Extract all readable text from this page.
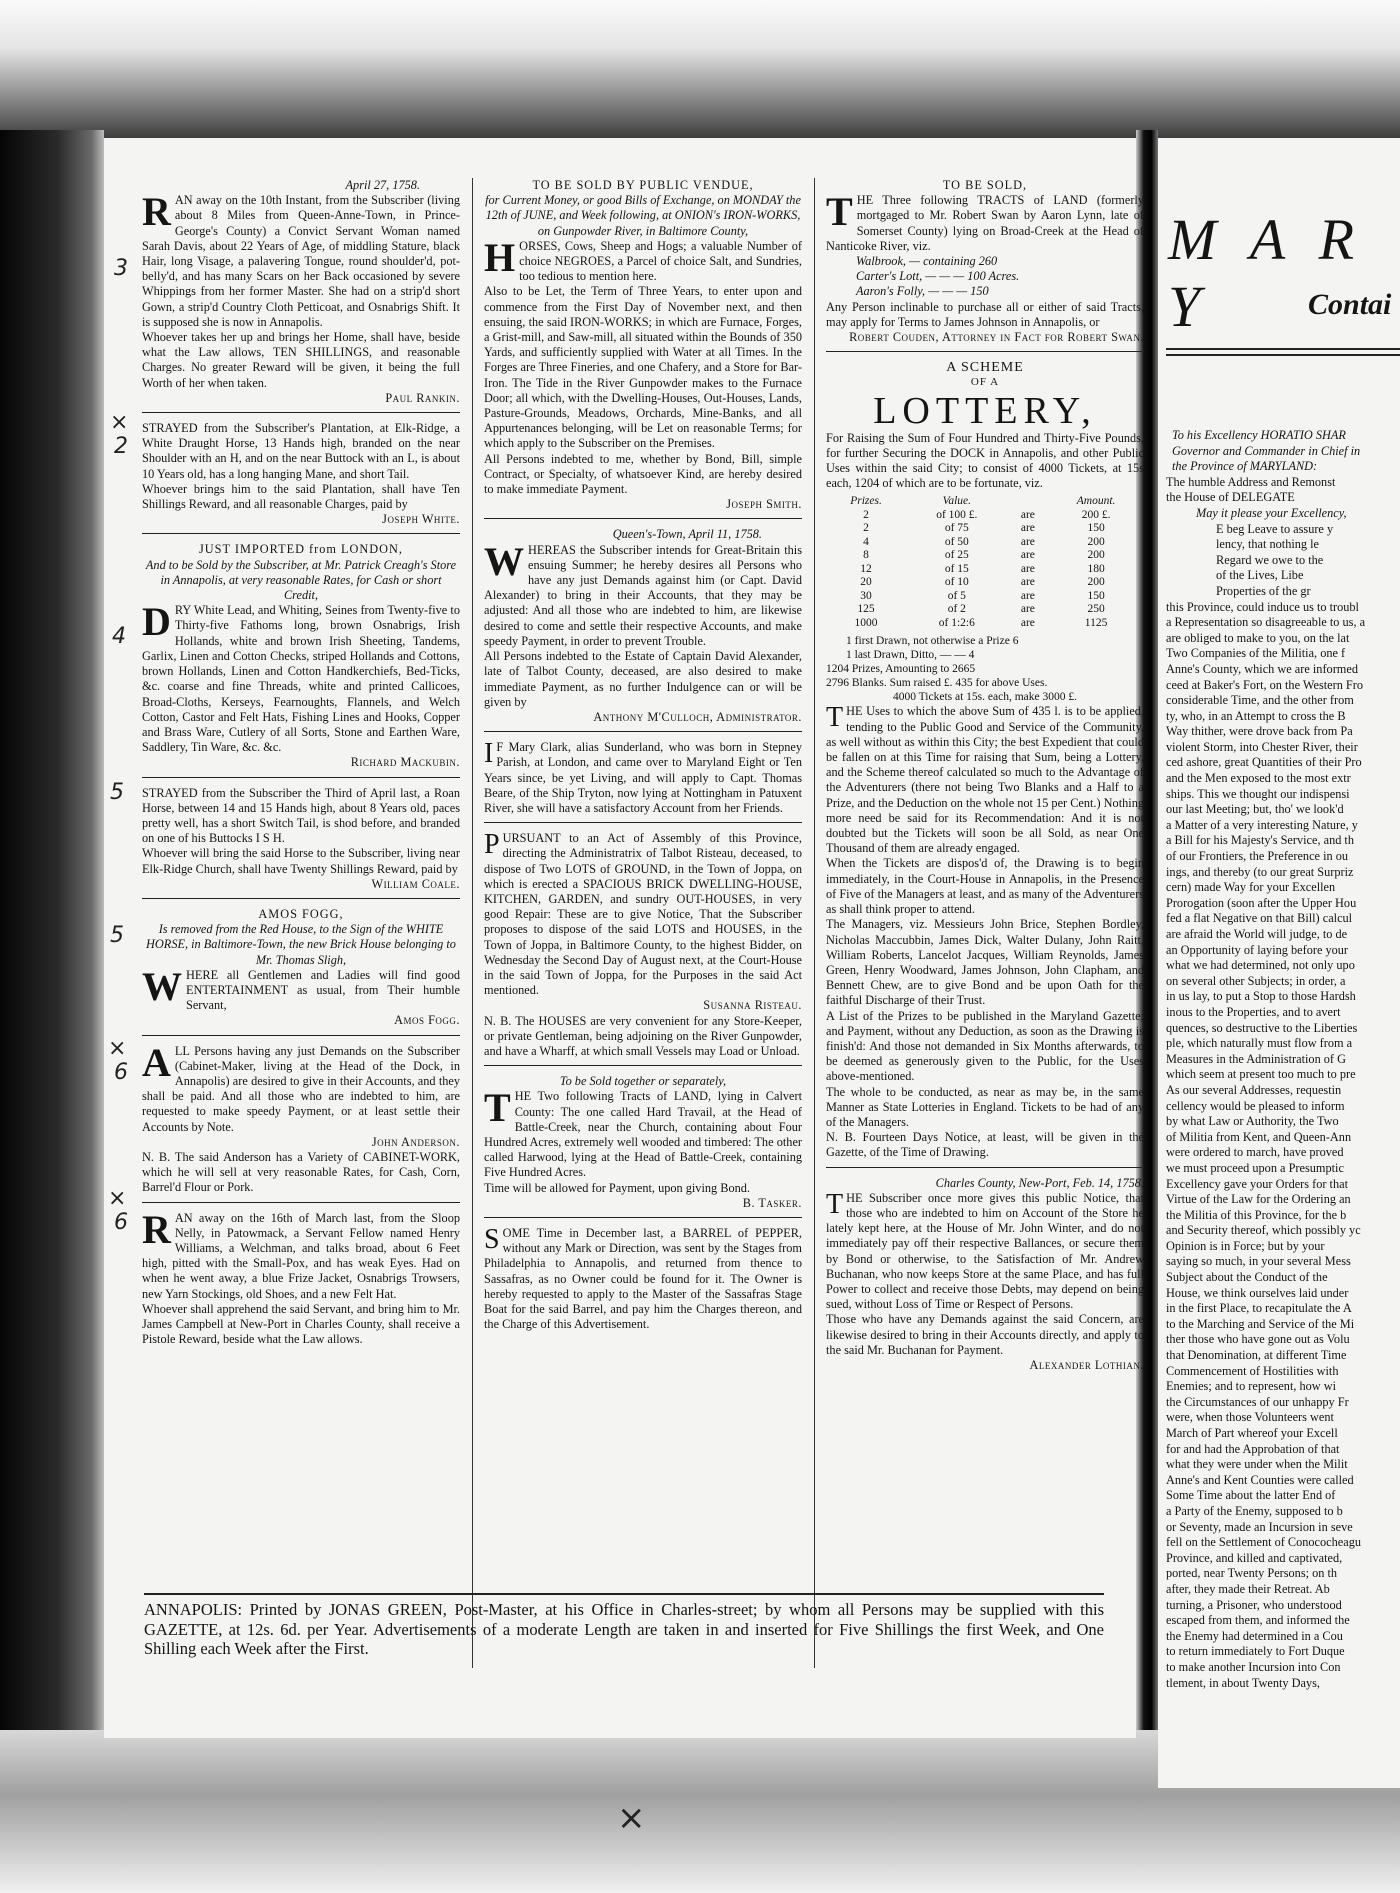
April 27, 1758.

RAN away on the 10th Instant, from the Subscriber (living about 8 Miles from Queen-Anne-Town, in Prince-George's County) a Convict Servant Woman named Sarah Davis, about 22 Years of Age, of middling Stature, black Hair, long Visage, a palavering Tongue, round shoulder'd, pot-belly'd, and has many Scars on her Back occasioned by severe Whippings from her former Master. She had on a strip'd short Gown, a strip'd Country Cloth Petticoat, and Osnabrigs Shift. It is supposed she is now in Annapolis.

Whoever takes her up and brings her Home, shall have, beside what the Law allows, TEN SHILLINGS, and reasonable Charges. No greater Reward will be given, it being the full Worth of her when taken.

Paul Rankin.

STRAYED from the Subscriber's Plantation, at Elk-Ridge, a White Draught Horse, 13 Hands high, branded on the near Shoulder with an H, and on the near Buttock with an L, is about 10 Years old, has a long hanging Mane, and short Tail.

Whoever brings him to the said Plantation, shall have Ten Shillings Reward, and all reasonable Charges, paid by

Joseph White.

JUST IMPORTED from LONDON,

And to be Sold by the Subscriber, at Mr. Patrick Creagh's Store in Annapolis, at very reasonable Rates, for Cash or short Credit,

DRY White Lead, and Whiting, Seines from Twenty-five to Thirty-five Fathoms long, brown Osnabrigs, Irish Hollands, white and brown Irish Sheeting, Tandems, Garlix, Linen and Cotton Checks, striped Hollands and Cottons, brown Hollands, Linen and Cotton Handkerchiefs, Bed-Ticks, &c. coarse and fine Threads, white and printed Callicoes, Broad-Cloths, Kerseys, Fearnoughts, Flannels, and Welch Cotton, Castor and Felt Hats, Fishing Lines and Hooks, Copper and Brass Ware, Cutlery of all Sorts, Stone and Earthen Ware, Saddlery, Tin Ware, &c. &c.

Richard Mackubin.

STRAYED from the Subscriber the Third of April last, a Roan Horse, between 14 and 15 Hands high, about 8 Years old, paces pretty well, has a short Switch Tail, is shod before, and branded on one of his Buttocks I S H.

Whoever will bring the said Horse to the Subscriber, living near Elk-Ridge Church, shall have Twenty Shillings Reward, paid by

William Coale.

AMOS FOGG,

Is removed from the Red House, to the Sign of the WHITE HORSE, in Baltimore-Town, the new Brick House belonging to Mr. Thomas Sligh,

WHERE all Gentlemen and Ladies will find good ENTERTAINMENT as usual, from Their humble Servant,

Amos Fogg.

ALL Persons having any just Demands on the Subscriber (Cabinet-Maker, living at the Head of the Dock, in Annapolis) are desired to give in their Accounts, and they shall be paid. And all those who are indebted to him, are requested to make speedy Payment, or at least settle their Accounts by Note.

John Anderson.

N. B. The said Anderson has a Variety of CABINET-WORK, which he will sell at very reasonable Rates, for Cash, Corn, Barrel'd Flour or Pork.

RAN away on the 16th of March last, from the Sloop Nelly, in Patowmack, a Servant Fellow named Henry Williams, a Welchman, and talks broad, about 6 Feet high, pitted with the Small-Pox, and has weak Eyes. Had on when he went away, a blue Frize Jacket, Osnabrigs Trowsers, new Yarn Stockings, old Shoes, and a new Felt Hat.

Whoever shall apprehend the said Servant, and bring him to Mr. James Campbell at New-Port in Charles County, shall receive a Pistole Reward, beside what the Law allows.

TO BE SOLD BY PUBLIC VENDUE,

for Current Money, or good Bills of Exchange, on MONDAY the 12th of JUNE, and Week following, at ONION's IRON-WORKS, on Gunpowder River, in Baltimore County,

HORSES, Cows, Sheep and Hogs; a valuable Number of choice NEGROES, a Parcel of choice Salt, and Sundries, too tedious to mention here.

Also to be Let, the Term of Three Years, to enter upon and commence from the First Day of November next, and then ensuing, the said IRON-WORKS; in which are Furnace, Forges, a Grist-mill, and Saw-mill, all situated within the Bounds of 350 Yards, and sufficiently supplied with Water at all Times. In the Forges are Three Fineries, and one Chafery, and a Store for Bar-Iron. The Tide in the River Gunpowder makes to the Furnace Door; all which, with the Dwelling-Houses, Out-Houses, Lands, Pasture-Grounds, Meadows, Orchards, Mine-Banks, and all Appurtenances belonging, will be Let on reasonable Terms; for which apply to the Subscriber on the Premises.

All Persons indebted to me, whether by Bond, Bill, simple Contract, or Specialty, of whatsoever Kind, are hereby desired to make immediate Payment.

Joseph Smith.

Queen's-Town, April 11, 1758.

WHEREAS the Subscriber intends for Great-Britain this ensuing Summer; he hereby desires all Persons who have any just Demands against him (or Capt. David Alexander) to bring in their Accounts, that they may be adjusted: And all those who are indebted to him, are likewise desired to come and settle their respective Accounts, and make speedy Payment, in order to prevent Trouble.

All Persons indebted to the Estate of Captain David Alexander, late of Talbot County, deceased, are also desired to make immediate Payment, as no further Indulgence can or will be given by

Anthony M'Culloch, Administrator.

I F Mary Clark, alias Sunderland, who was born in Stepney Parish, at London, and came over to Maryland Eight or Ten Years since, be yet Living, and will apply to Capt. Thomas Beare, of the Ship Tryton, now lying at Nottingham in Patuxent River, she will have a satisfactory Account from her Friends.

PURSUANT to an Act of Assembly of this Province, directing the Administratrix of Talbot Risteau, deceased, to dispose of Two LOTS of GROUND, in the Town of Joppa, on which is erected a SPACIOUS BRICK DWELLING-HOUSE, KITCHEN, GARDEN, and sundry OUT-HOUSES, in very good Repair: These are to give Notice, That the Subscriber proposes to dispose of the said LOTS and HOUSES, in the Town of Joppa, in Baltimore County, to the highest Bidder, on Wednesday the Second Day of August next, at the Court-House in the said Town of Joppa, for the Purposes in the said Act mentioned.

Susanna Risteau.

N. B. The HOUSES are very convenient for any Store-Keeper, or private Gentleman, being adjoining on the River Gunpowder, and have a Wharff, at which small Vessels may Load or Unload.

To be Sold together or separately,

THE Two following Tracts of LAND, lying in Calvert County: The one called Hard Travail, at the Head of Battle-Creek, near the Church, containing about Four Hundred Acres, extremely well wooded and timbered: The other called Harwood, lying at the Head of Battle-Creek, containing Five Hundred Acres.

Time will be allowed for Payment, upon giving Bond.

B. Tasker.

SOME Time in December last, a BARREL of PEPPER, without any Mark or Direction, was sent by the Stages from Philadelphia to Annapolis, and returned from thence to Sassafras, as no Owner could be found for it. The Owner is hereby requested to apply to the Master of the Sassafras Stage Boat for the said Barrel, and pay him the Charges thereon, and the Charge of this Advertisement.

TO BE SOLD,

THE Three following TRACTS of LAND (formerly mortgaged to Mr. Robert Swan by Aaron Lynn, late of Somerset County) lying on Broad-Creek at the Head of Nanticoke River, viz.

Walbrook, — containing 260

Carter's Lott, — — — 100 Acres.

Aaron's Folly, — — — 150

Any Person inclinable to purchase all or either of said Tracts, may apply for Terms to James Johnson in Annapolis, or

Robert Couden, Attorney in Fact for Robert Swan.

A SCHEME

OF A

LOTTERY,

For Raising the Sum of Four Hundred and Thirty-Five Pounds, for further Securing the DOCK in Annapolis, and other Public Uses within the said City; to consist of 4000 Tickets, at 15s each, 1204 of which are to be fortunate, viz.

Prizes.	Value.		Amount.
2	of 100 £.	are	200 £.
2	of 75	are	150
4	of 50	are	200
8	of 25	are	200
12	of 15	are	180
20	of 10	are	200
30	of 5	are	150
125	of 2	are	250
1000	of 1:2:6	are	1125

1 first Drawn, not otherwise a Prize 6

1 last Drawn, Ditto, — — 4

1204 Prizes, Amounting to 2665

2796 Blanks. Sum raised £. 435 for above Uses.

4000 Tickets at 15s. each, make 3000 £.

THE Uses to which the above Sum of 435 l. is to be applied, tending to the Public Good and Service of the Community, as well without as within this City; the best Expedient that could be fallen on at this Time for raising that Sum, being a Lottery, and the Scheme thereof calculated so much to the Advantage of the Adventurers (there not being Two Blanks and a Half to a Prize, and the Deduction on the whole not 15 per Cent.) Nothing more need be said for its Recommendation: And it is not doubted but the Tickets will soon be all Sold, as near One Thousand of them are already engaged.

When the Tickets are dispos'd of, the Drawing is to begin immediately, in the Court-House in Annapolis, in the Presence of Five of the Managers at least, and as many of the Adventurers as shall think proper to attend.

The Managers, viz. Messieurs John Brice, Stephen Bordley, Nicholas Maccubbin, James Dick, Walter Dulany, John Raitt, William Roberts, Lancelot Jacques, William Reynolds, James Green, Henry Woodward, James Johnson, John Clapham, and Bennett Chew, are to give Bond and be upon Oath for the faithful Discharge of their Trust.

A List of the Prizes to be published in the Maryland Gazette; and Payment, without any Deduction, as soon as the Drawing is finish'd: And those not demanded in Six Months afterwards, to be deemed as generously given to the Public, for the Uses above-mentioned.

The whole to be conducted, as near as may be, in the same Manner as State Lotteries in England. Tickets to be had of any of the Managers.

N. B. Fourteen Days Notice, at least, will be given in the Gazette, of the Time of Drawing.

Charles County, New-Port, Feb. 14, 1758.

THE Subscriber once more gives this public Notice, that those who are indebted to him on Account of the Store he lately kept here, at the House of Mr. John Winter, and do not immediately pay off their respective Ballances, or secure them by Bond or otherwise, to the Satisfaction of Mr. Andrew Buchanan, who now keeps Store at the same Place, and has full Power to collect and receive those Debts, may depend on being sued, without Loss of Time or Respect of Persons.

Those who have any Demands against the said Concern, are likewise desired to bring in their Accounts directly, and apply to the said Mr. Buchanan for Payment.

Alexander Lothian.

ANNAPOLIS: Printed by JONAS GREEN, Post-Master, at his Office in Charles-street; by whom all Persons may be supplied with this GAZETTE, at 12s. 6d. per Year. Advertisements of a moderate Length are taken in and inserted for Five Shillings the first Week, and One Shilling each Week after the First.

3
×
2
4
5
5
×
6
×
6
×
M A R Y	Contai

To his Excellency HORATIO SHAR

Governor and Commander in Chief in

the Province of MARYLAND:

The humble Address and Remonst

the House of DELEGATE

May it please your Excellency,

E beg Leave to assure y

lency, that nothing le

Regard we owe to the

of the Lives, Libe

Properties of the gr

this Province, could induce us to troubl

a Representation so disagreeable to us, a

are obliged to make to you, on the lat

Two Companies of the Militia, one f

Anne's County, which we are informed

ceed at Baker's Fort, on the Western Fro

considerable Time, and the other from

ty, who, in an Attempt to cross the B

Way thither, were drove back from Pa

violent Storm, into Chester River, their

ced ashore, great Quantities of their Pro

and the Men exposed to the most extr

ships. This we thought our indispensi

our last Meeting; but, tho' we look'd

a Matter of a very interesting Nature, y

a Bill for his Majesty's Service, and th

of our Frontiers, the Preference in ou

ings, and thereby (to our great Surpriz

cern) made Way for your Excellen

Prorogation (soon after the Upper Hou

fed a flat Negative on that Bill) calcul

are afraid the World will judge, to de

an Opportunity of laying before your

what we had determined, not only upo

on several other Subjects; in order, a

in us lay, to put a Stop to those Hardsh

inous to the Properties, and to avert

quences, so destructive to the Liberties

ple, which naturally must flow from a

Measures in the Administration of G

which seem at present too much to pre

As our several Addresses, requestin

cellency would be pleased to inform

by what Law or Authority, the Two

of Militia from Kent, and Queen-Ann

were ordered to march, have proved

we must proceed upon a Presumptic

Excellency gave your Orders for that

Virtue of the Law for the Ordering an

the Militia of this Province, for the b

and Security thereof, which possibly yc

Opinion is in Force; but by your

saying so much, in your several Mess

Subject about the Conduct of the

House, we think ourselves laid under

in the first Place, to recapitulate the A

to the Marching and Service of the Mi

ther those who have gone out as Volu

that Denomination, at different Time

Commencement of Hostilities with

Enemies; and to represent, how wi

the Circumstances of our unhappy Fr

were, when those Volunteers went

March of Part whereof your Excell

for and had the Approbation of that

what they were under when the Milit

Anne's and Kent Counties were called

Some Time about the latter End of

a Party of the Enemy, supposed to b

or Seventy, made an Incursion in seve

fell on the Settlement of Conococheagu

Province, and killed and captivated,

ported, near Twenty Persons; on th

after, they made their Retreat. Ab

turning, a Prisoner, who understood

escaped from them, and informed the

the Enemy had determined in a Cou

to return immediately to Fort Duque

to make another Incursion into Con

tlement, in about Twenty Days,
